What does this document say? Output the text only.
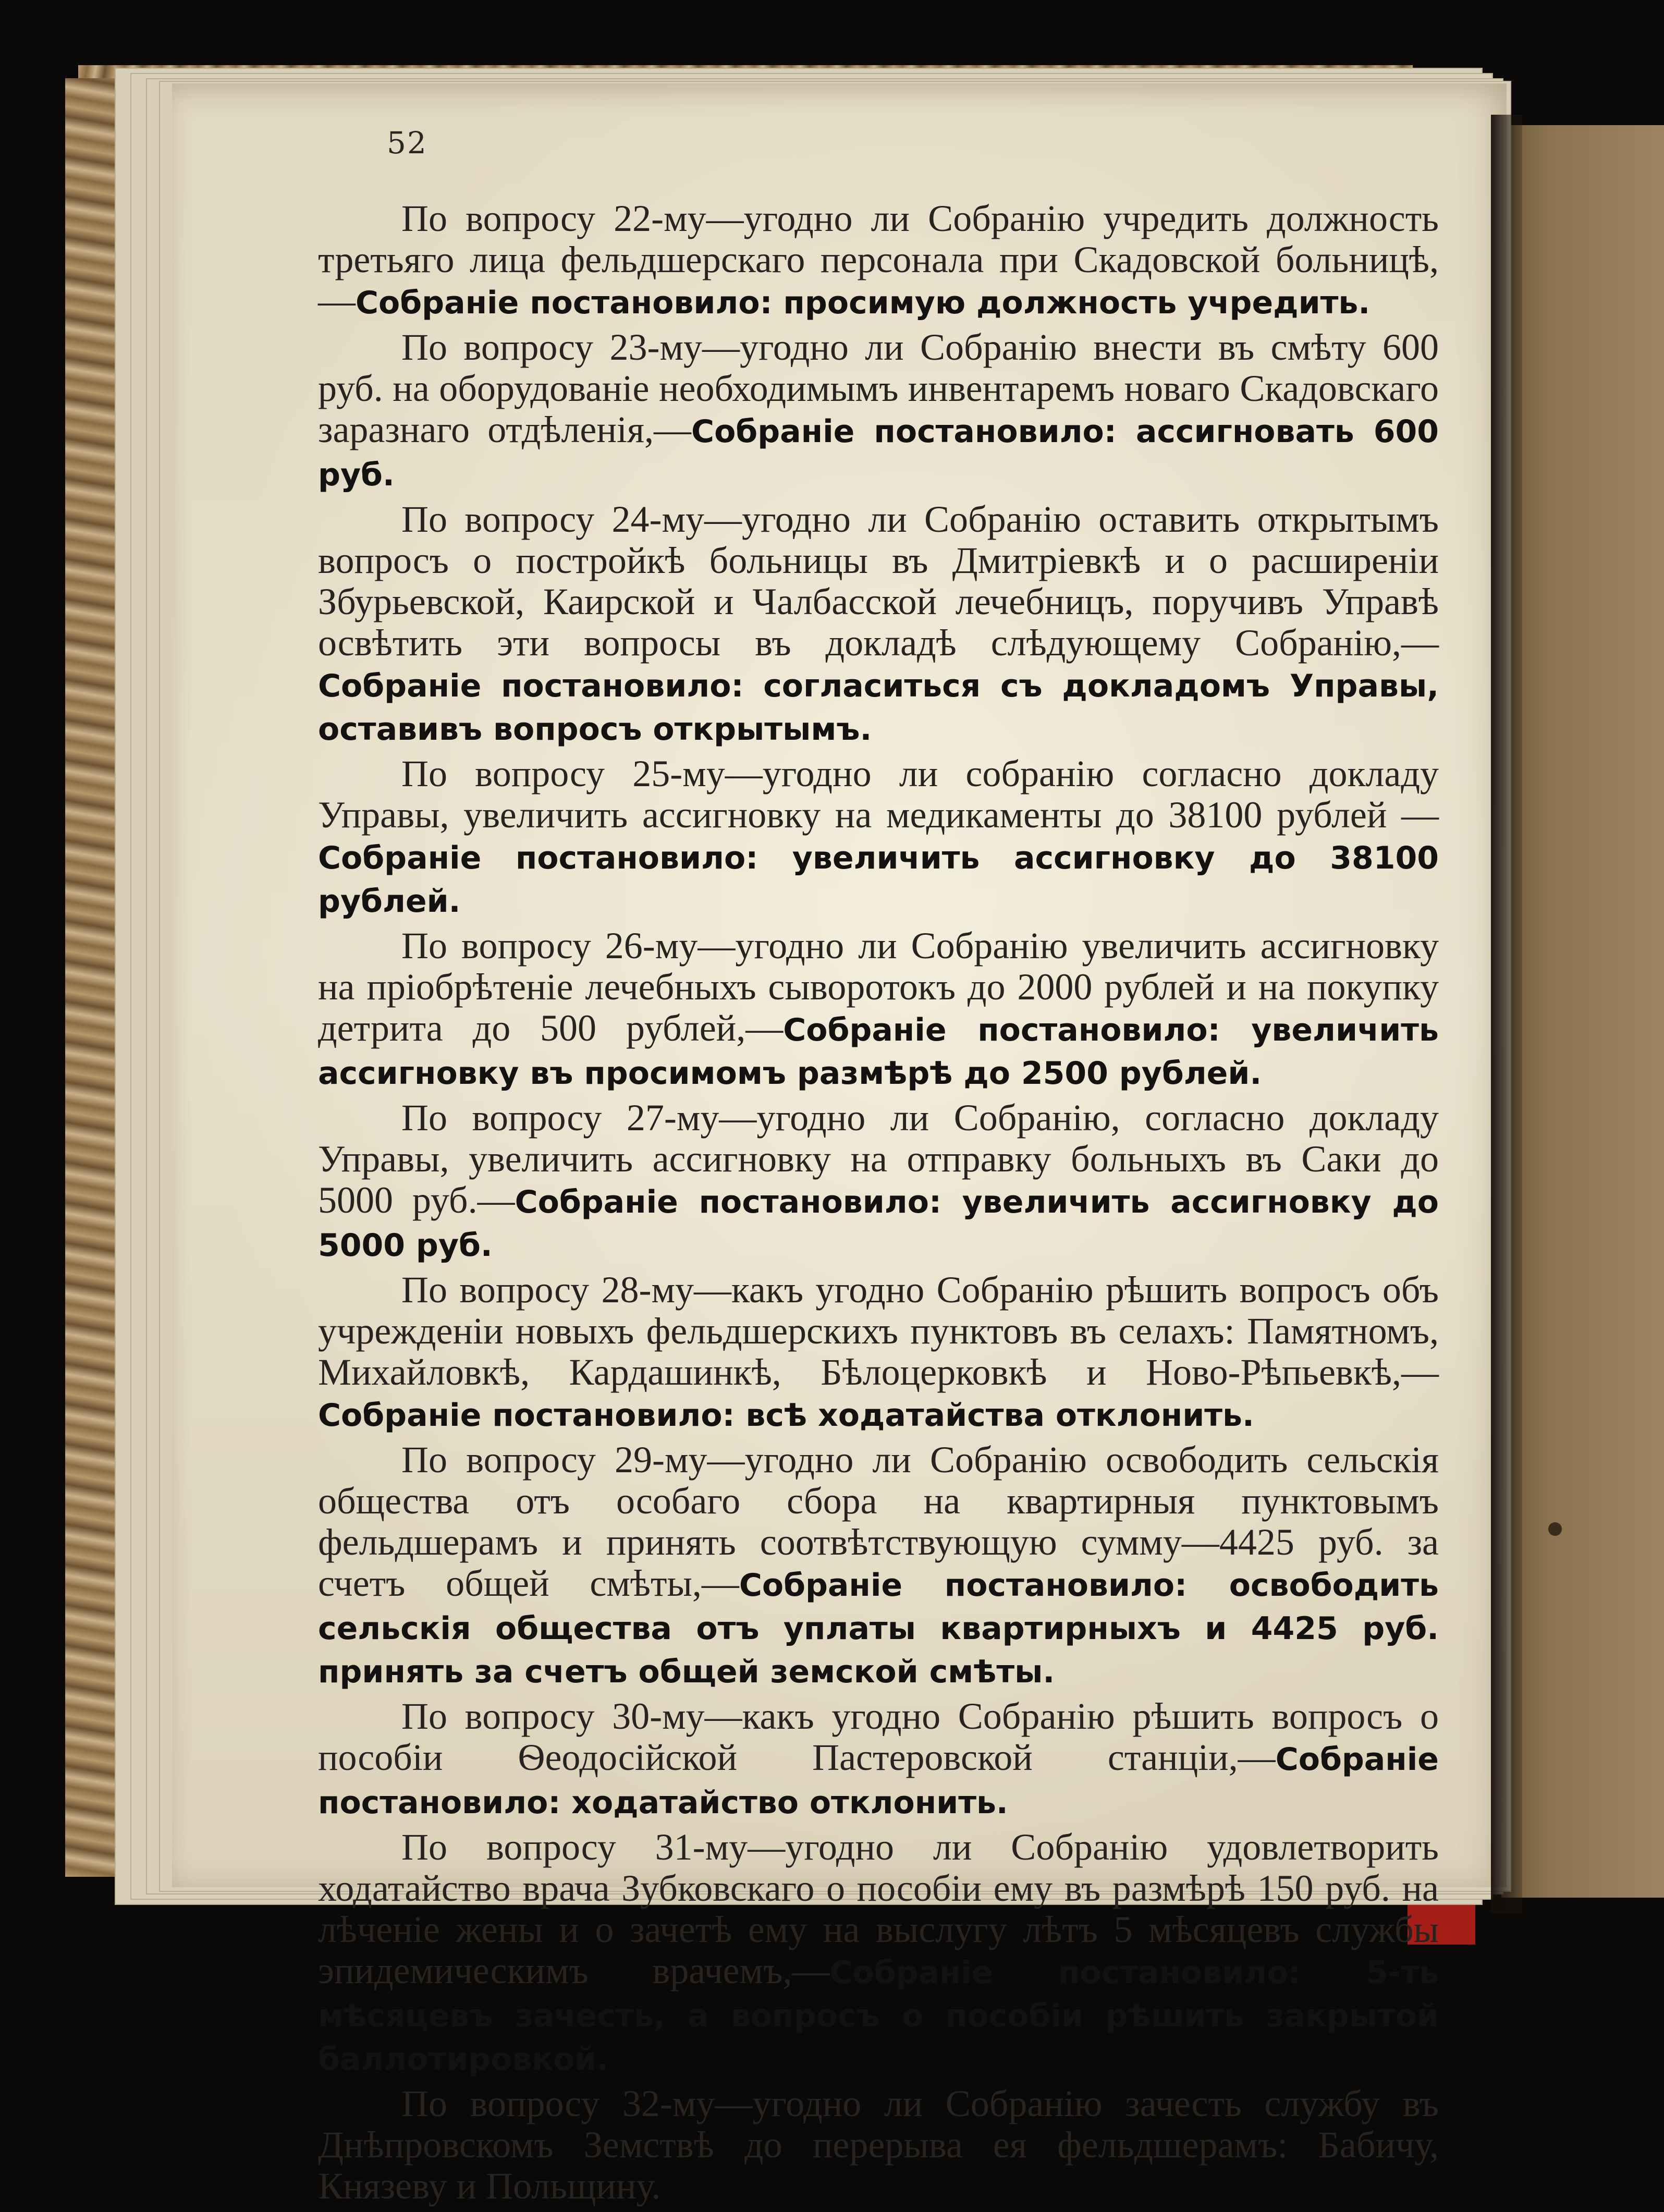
52

По вопросу 22-му—угодно ли Собранію учредить должность третьяго лица фельдшерскаго персонала при Скадовской больницѣ,—Собраніе постановило: просимую должность учредить.

По вопросу 23-му—угодно ли Собранію внести въ смѣту 600 руб. на оборудованіе необходимымъ инвентаремъ новаго Скадовскаго заразнаго отдѣленія,—Собраніе постановило: ассигновать 600 руб.

По вопросу 24-му—угодно ли Собранію оставить открытымъ вопросъ о постройкѣ больницы въ Дмитріевкѣ и о расширеніи Збурьевской, Каирской и Чалбасской лечебницъ, поручивъ Управѣ освѣтить эти вопросы въ докладѣ слѣдующему Собранію,—Собраніе постановило: согласиться съ докладомъ Управы, оставивъ вопросъ открытымъ.

По вопросу 25-му—угодно ли собранію согласно докладу Управы, увеличить ассигновку на медикаменты до 38100 рублей —Собраніе постановило: увеличить ассигновку до 38100 рублей.

По вопросу 26-му—угодно ли Собранію увеличить ассигновку на пріобрѣтеніе лечебныхъ сыворотокъ до 2000 рублей и на покупку детрита до 500 рублей,—Собраніе постановило: увеличить ассигновку въ просимомъ размѣрѣ до 2500 рублей.

По вопросу 27-му—угодно ли Собранію, согласно докладу Управы, увеличить ассигновку на отправку больныхъ въ Саки до 5000 руб.—Собраніе постановило: увеличить ассигновку до 5000 руб.

По вопросу 28-му—какъ угодно Собранію рѣшить вопросъ объ учрежденіи новыхъ фельдшерскихъ пунктовъ въ селахъ: Памятномъ, Михайловкѣ, Кардашинкѣ, Бѣлоцерковкѣ и Ново-Рѣпьевкѣ,—Собраніе постановило: всѣ ходатайства отклонить.

По вопросу 29-му—угодно ли Собранію освободить сельскія общества отъ особаго сбора на квартирныя пунктовымъ фельдшерамъ и принять соотвѣтствующую сумму—4425 руб. за счетъ общей смѣты,—Собраніе постановило: освободить сельскія общества отъ уплаты квартирныхъ и 4425 руб. принять за счетъ общей земской смѣты.

По вопросу 30-му—какъ угодно Собранію рѣшить вопросъ о пособіи Ѳеодосійской Пастеровской станціи,—Собраніе постановило: ходатайство отклонить.

По вопросу 31-му—угодно ли Собранію удовлетворить ходатайство врача Зубковскаго о пособіи ему въ размѣрѣ 150 руб. на лѣченіе жены и о зачетѣ ему на выслугу лѣтъ 5 мѣсяцевъ службы эпидемическимъ врачемъ,—Собраніе постановило: 5-ть мѣсяцевъ зачесть, а вопросъ о пособіи рѣшить закрытой баллотировкой.

По вопросу 32-му—угодно ли Собранію зачесть службу въ Днѣпровскомъ Земствѣ до перерыва ея фельдшерамъ: Бабичу, Князеву и Польщину.
